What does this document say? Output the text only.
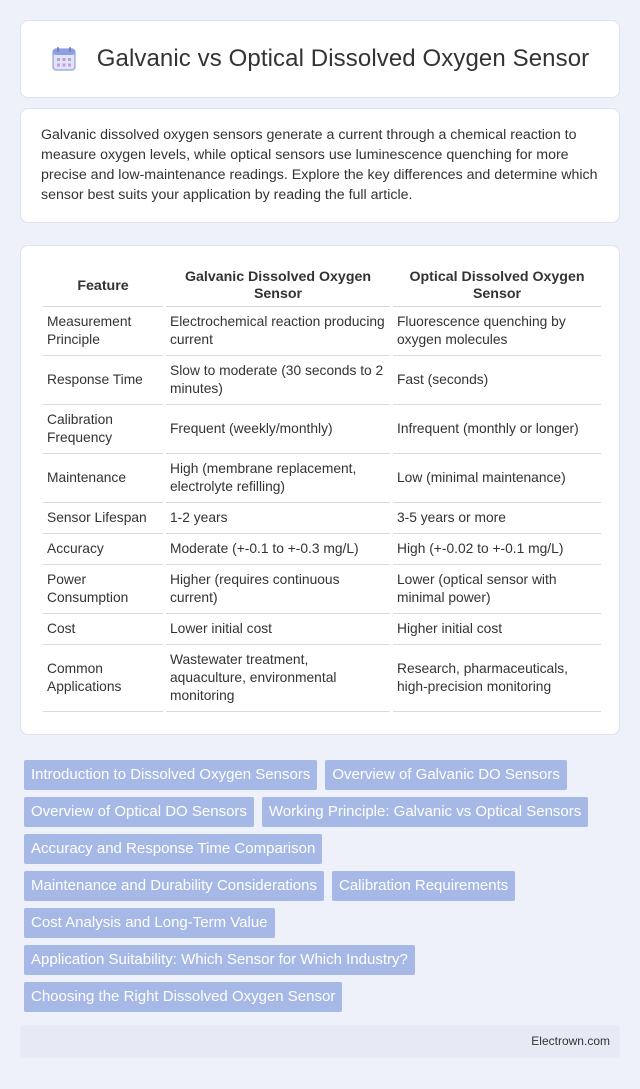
Galvanic vs Optical Dissolved Oxygen Sensor

Galvanic dissolved oxygen sensors generate a current through a chemical reaction to measure oxygen levels, while optical sensors use luminescence quenching for more precise and low-maintenance readings. Explore the key differences and determine which sensor best suits your application by reading the full article.

Feature	Galvanic Dissolved Oxygen Sensor	Optical Dissolved Oxygen Sensor
Measurement Principle	Electrochemical reaction producing current	Fluorescence quenching by oxygen molecules
Response Time	Slow to moderate (30 seconds to 2 minutes)	Fast (seconds)
Calibration Frequency	Frequent (weekly/monthly)	Infrequent (monthly or longer)
Maintenance	High (membrane replacement, electrolyte refilling)	Low (minimal maintenance)
Sensor Lifespan	1-2 years	3-5 years or more
Accuracy	Moderate (+-0.1 to +-0.3 mg/L)	High (+-0.02 to +-0.1 mg/L)
Power Consumption	Higher (requires continuous current)	Lower (optical sensor with minimal power)
Cost	Lower initial cost	Higher initial cost
Common Applications	Wastewater treatment, aquaculture, environmental monitoring	Research, pharmaceuticals, high-precision monitoring
Introduction to Dissolved Oxygen Sensors	Overview of Galvanic DO Sensors
Overview of Optical DO Sensors	Working Principle: Galvanic vs Optical Sensors
Accuracy and Response Time Comparison
Maintenance and Durability Considerations	Calibration Requirements
Cost Analysis and Long-Term Value
Application Suitability: Which Sensor for Which Industry?
Choosing the Right Dissolved Oxygen Sensor
Electrown.com
